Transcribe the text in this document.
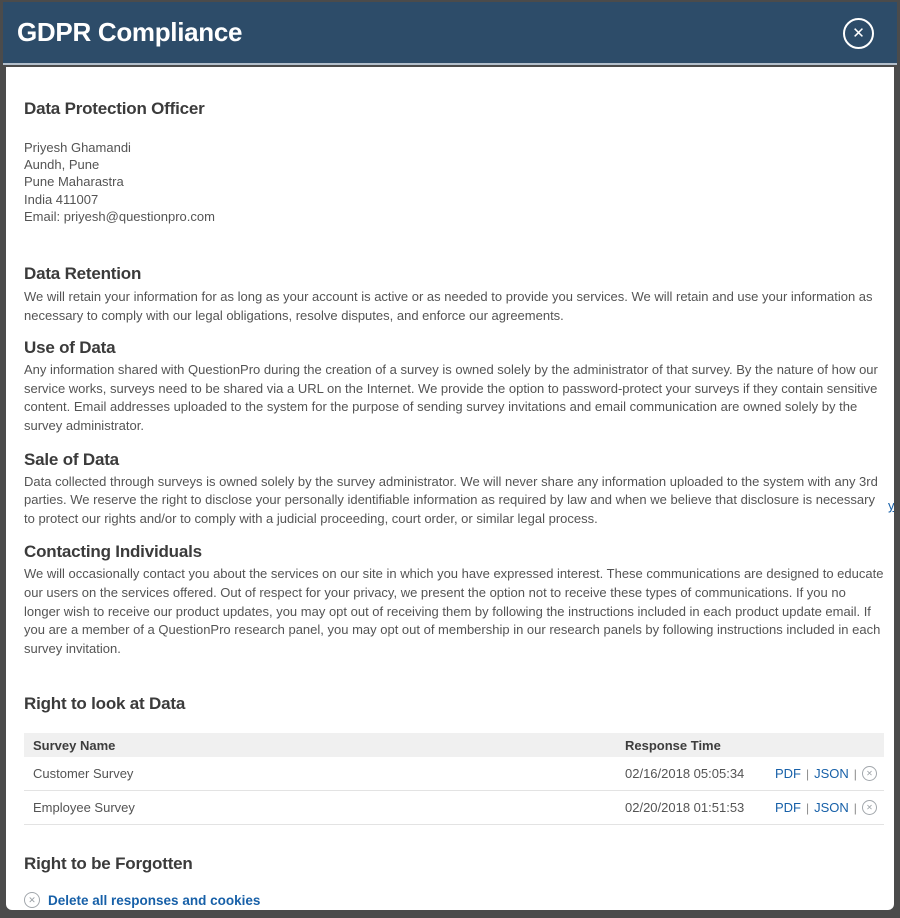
GDPR Compliance	✕
Data Protection Officer
Priyesh Ghamandi
Aundh, Pune
Pune Maharastra
India 411007
Email: priyesh@questionpro.com
Data Retention

We will retain your information for as long as your account is active or as needed to provide you services. We will retain and use your information as necessary to comply with our legal obligations, resolve disputes, and enforce our agreements.

Use of Data

Any information shared with QuestionPro during the creation of a survey is owned solely by the administrator of that survey. By the nature of how our service works, surveys need to be shared via a URL on the Internet. We provide the option to password-protect your surveys if they contain sensitive content. Email addresses uploaded to the system for the purpose of sending survey invitations and email communication are owned solely by the survey administrator.

Sale of Data

Data collected through surveys is owned solely by the survey administrator. We will never share any information uploaded to the system with any 3rd parties. We reserve the right to disclose your personally identifiable information as required by law and when we believe that disclosure is necessary to protect our rights and/or to comply with a judicial proceeding, court order, or similar legal process.

Contacting Individuals

We will occasionally contact you about the services on our site in which you have expressed interest. These communications are designed to educate our users on the services offered. Out of respect for your privacy, we present the option not to receive these types of communications. If you no longer wish to receive our product updates, you may opt out of receiving them by following the instructions included in each product update email. If you are a member of a QuestionPro research panel, you may opt out of membership in our research panels by following instructions included in each survey invitation.

Right to look at Data
Survey Name	Response Time
Customer Survey	02/16/2018 05:05:34	PDF | JSON | ✕
Employee Survey	02/20/2018 01:51:53	PDF | JSON | ✕
Right to be Forgotten
✕ Delete all responses and cookies
y
